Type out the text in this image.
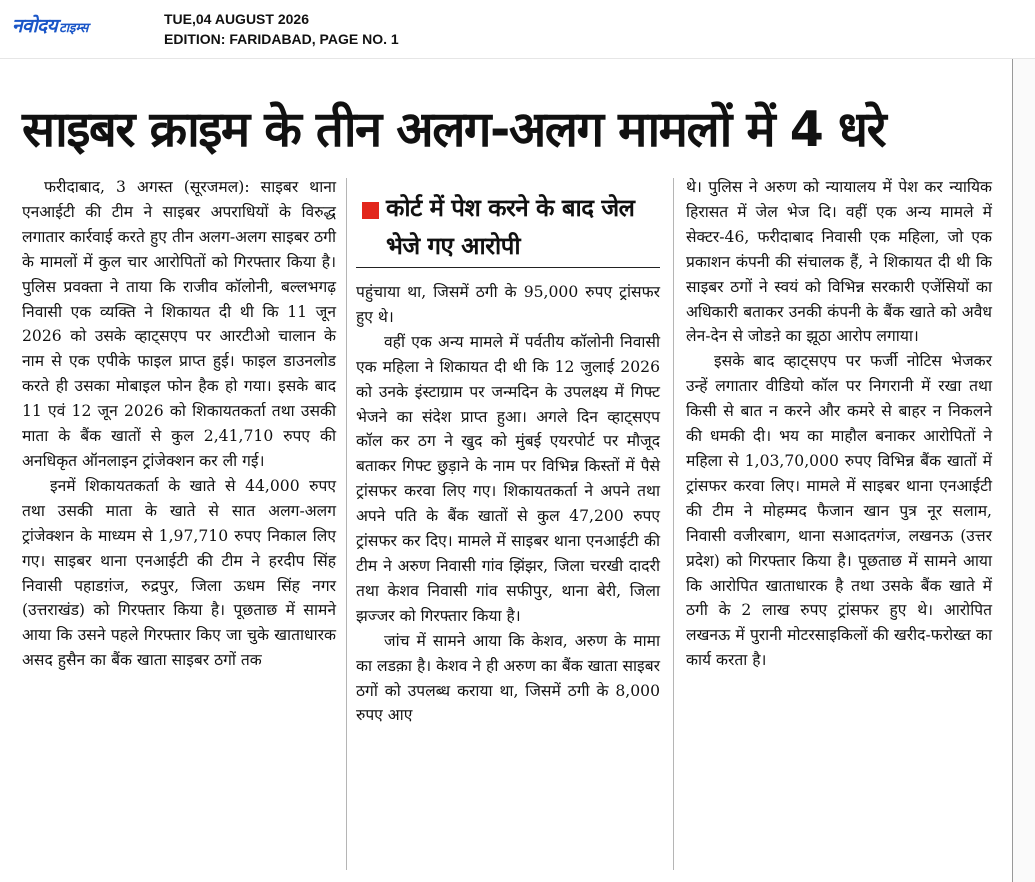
नवोदय टाइम्स
TUE,04 AUGUST 2026
EDITION: FARIDABAD, PAGE NO. 1
साइबर क्राइम के तीन अलग-अलग मामलों में 4 धरे

फरीदाबाद, 3 अगस्त (सूरजमल): साइबर थाना एनआईटी की टीम ने साइबर अपराधियों के विरुद्ध लगातार कार्रवाई करते हुए तीन अलग-अलग साइबर ठगी के मामलों में कुल चार आरोपितों को गिरफ्तार किया है। पुलिस प्रवक्ता ने ताया कि राजीव कॉलोनी, बल्लभगढ़ निवासी एक व्यक्ति ने शिकायत दी थी कि 11 जून 2026 को उसके व्हाट्सएप पर आरटीओ चालान के नाम से एक एपीके फाइल प्राप्त हुई। फाइल डाउनलोड करते ही उसका मोबाइल फोन हैक हो गया। इसके बाद 11 एवं 12 जून 2026 को शिकायतकर्ता तथा उसकी माता के बैंक खातों से कुल 2,41,710 रुपए की अनधिकृत ऑनलाइन ट्रांजेक्शन कर ली गई।

इनमें शिकायतकर्ता के खाते से 44,000 रुपए तथा उसकी माता के खाते से सात अलग-अलग ट्रांजेक्शन के माध्यम से 1,97,710 रुपए निकाल लिए गए। साइबर थाना एनआईटी की टीम ने हरदीप सिंह निवासी पहाडग़ंज, रुद्रपुर, जिला ऊधम सिंह नगर (उत्तराखंड) को गिरफ्तार किया है। पूछताछ में सामने आया कि उसने पहले गिरफ्तार किए जा चुके खाताधारक असद हुसैन का बैंक खाता साइबर ठगों तक

कोर्ट में पेश करने के बाद जेल भेजे गए आरोपी

पहुंचाया था, जिसमें ठगी के 95,000 रुपए ट्रांसफर हुए थे।

वहीं एक अन्य मामले में पर्वतीय कॉलोनी निवासी एक महिला ने शिकायत दी थी कि 12 जुलाई 2026 को उनके इंस्टाग्राम पर जन्मदिन के उपलक्ष्य में गिफ्ट भेजने का संदेश प्राप्त हुआ। अगले दिन व्हाट्सएप कॉल कर ठग ने खुद को मुंबई एयरपोर्ट पर मौजूद बताकर गिफ्ट छुड़ाने के नाम पर विभिन्न किस्तों में पैसे ट्रांसफर करवा लिए गए। शिकायतकर्ता ने अपने तथा अपने पति के बैंक खातों से कुल 47,200 रुपए ट्रांसफर कर दिए। मामले में साइबर थाना एनआईटी की टीम ने अरुण निवासी गांव झिंझर, जिला चरखी दादरी तथा केशव निवासी गांव सफीपुर, थाना बेरी, जिला झज्जर को गिरफ्तार किया है।

जांच में सामने आया कि केशव, अरुण के मामा का लडक़ा है। केशव ने ही अरुण का बैंक खाता साइबर ठगों को उपलब्ध कराया था, जिसमें ठगी के 8,000 रुपए आए

थे। पुलिस ने अरुण को न्यायालय में पेश कर न्यायिक हिरासत में जेल भेज दि। वहीं एक अन्य मामले में सेक्टर-46, फरीदाबाद निवासी एक महिला, जो एक प्रकाशन कंपनी की संचालक हैं, ने शिकायत दी थी कि साइबर ठगों ने स्वयं को विभिन्न सरकारी एजेंसियों का अधिकारी बताकर उनकी कंपनी के बैंक खाते को अवैध लेन-देन से जोडऩे का झूठा आरोप लगाया।

इसके बाद व्हाट्सएप पर फर्जी नोटिस भेजकर उन्हें लगातार वीडियो कॉल पर निगरानी में रखा तथा किसी से बात न करने और कमरे से बाहर न निकलने की धमकी दी। भय का माहौल बनाकर आरोपितों ने महिला से 1,03,70,000 रुपए विभिन्न बैंक खातों में ट्रांसफर करवा लिए। मामले में साइबर थाना एनआईटी की टीम ने मोहम्मद फैजान खान पुत्र नूर सलाम, निवासी वजीरबाग, थाना सआदतगंज, लखनऊ (उत्तर प्रदेश) को गिरफ्तार किया है। पूछताछ में सामने आया कि आरोपित खाताधारक है तथा उसके बैंक खाते में ठगी के 2 लाख रुपए ट्रांसफर हुए थे। आरोपित लखनऊ में पुरानी मोटरसाइकिलों की खरीद-फरोख्त का कार्य करता है।
